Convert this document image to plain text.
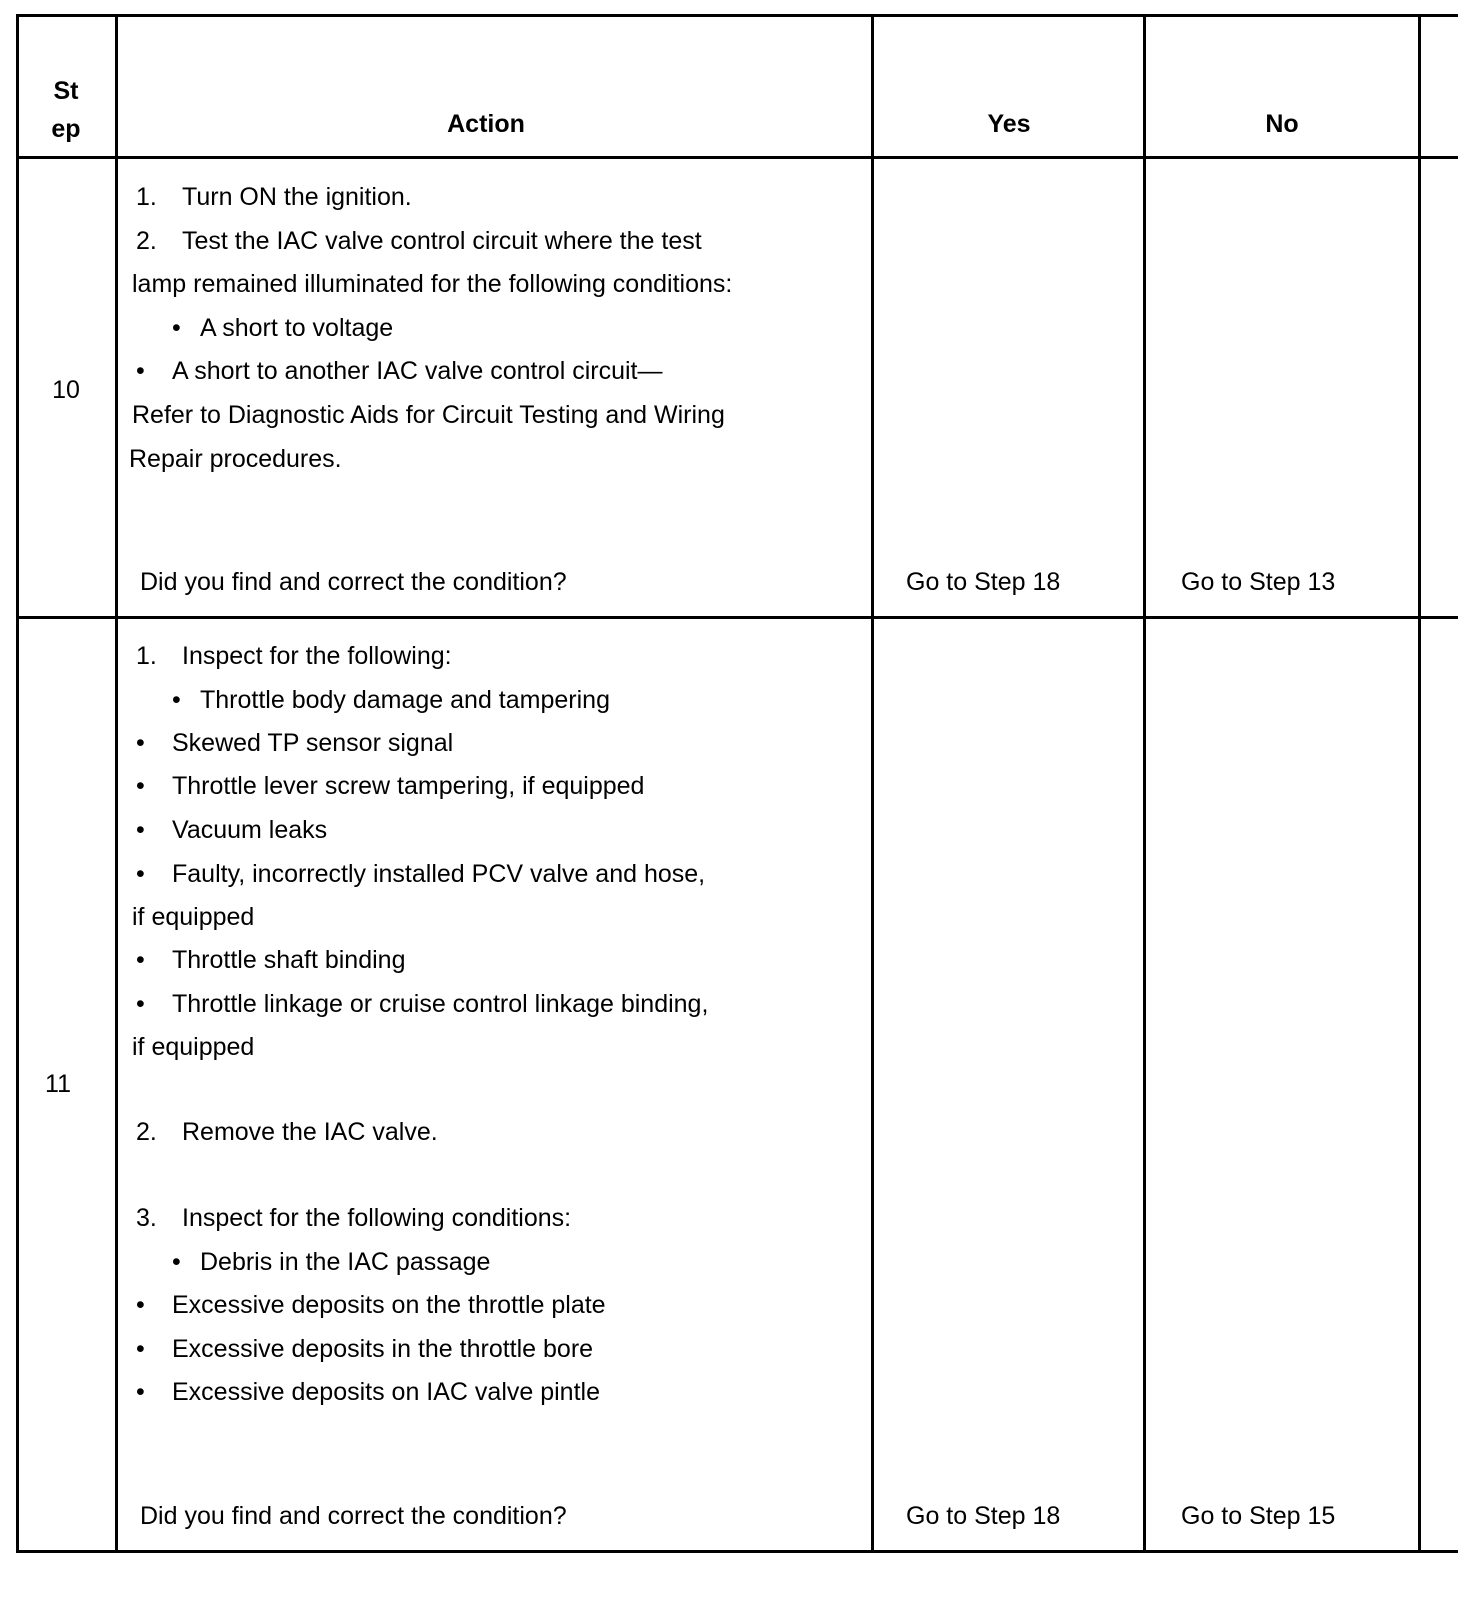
St
ep	Action	Yes	No
10
1. Turn ON the ignition.
2. Test the IAC valve control circuit where the test
lamp remained illuminated for the following conditions:
• A short to voltage
• A short to another IAC valve control circuit—
Refer to Diagnostic Aids for Circuit Testing and Wiring
Repair procedures.
Did you find and correct the condition?	Go to Step 18	Go to Step 13
11
1. Inspect for the following:
• Throttle body damage and tampering
• Skewed TP sensor signal
• Throttle lever screw tampering, if equipped
• Vacuum leaks
• Faulty, incorrectly installed PCV valve and hose,
if equipped
• Throttle shaft binding
• Throttle linkage or cruise control linkage binding,
if equipped
2. Remove the IAC valve.
3. Inspect for the following conditions:
• Debris in the IAC passage
• Excessive deposits on the throttle plate
• Excessive deposits in the throttle bore
• Excessive deposits on IAC valve pintle
Did you find and correct the condition?	Go to Step 18	Go to Step 15
